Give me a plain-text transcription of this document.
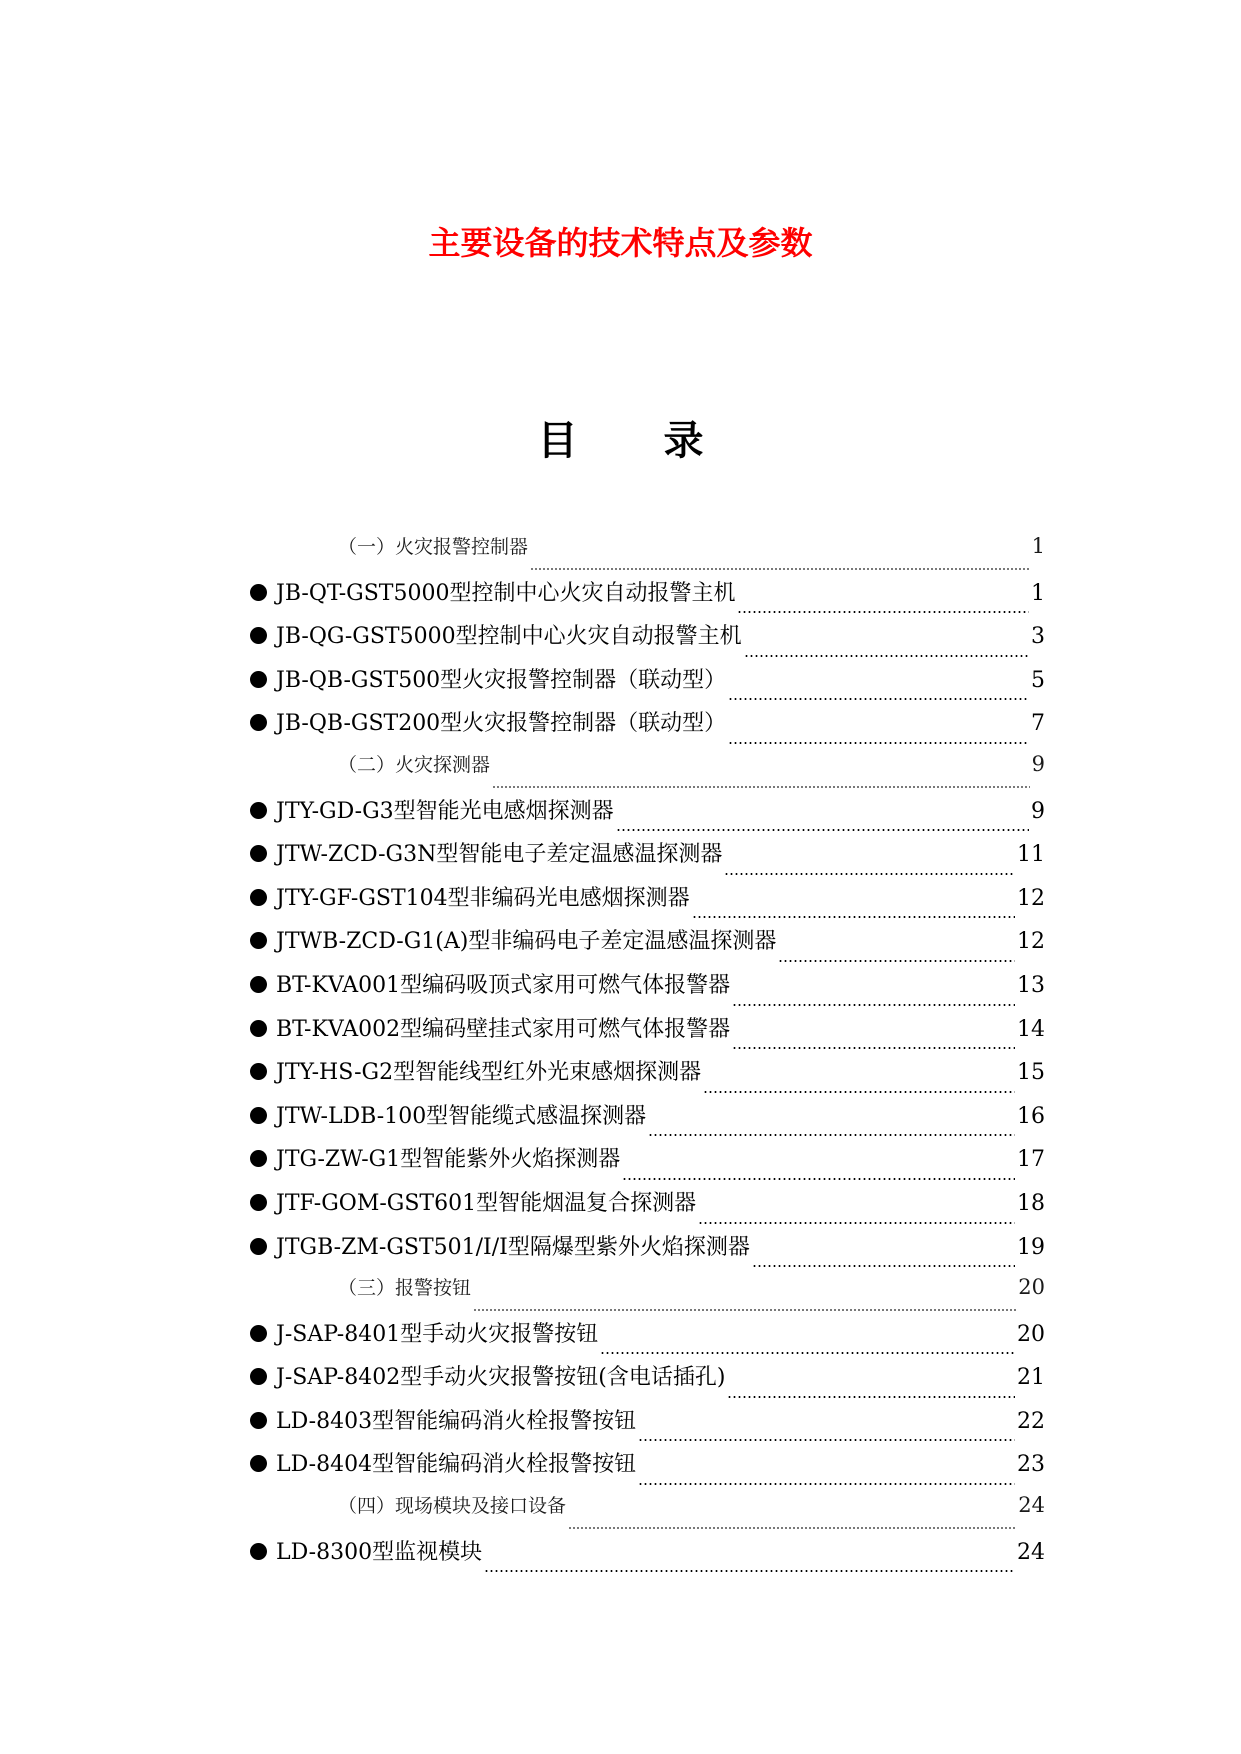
主要设备的技术特点及参数
目 录
（一）火灾报警控制器	1
JB-QT-GST5000型控制中心火灾自动报警主机	1
JB-QG-GST5000型控制中心火灾自动报警主机	3
JB-QB-GST500型火灾报警控制器（联动型）	5
JB-QB-GST200型火灾报警控制器（联动型）	7
（二）火灾探测器	9
JTY-GD-G3型智能光电感烟探测器	9
JTW-ZCD-G3N型智能电子差定温感温探测器	11
JTY-GF-GST104型非编码光电感烟探测器	12
JTWB-ZCD-G1(A)型非编码电子差定温感温探测器	12
BT-KVA001型编码吸顶式家用可燃气体报警器	13
BT-KVA002型编码壁挂式家用可燃气体报警器	14
JTY-HS-G2型智能线型红外光束感烟探测器	15
JTW-LDB-100型智能缆式感温探测器	16
JTG-ZW-G1型智能紫外火焰探测器	17
JTF-GOM-GST601型智能烟温复合探测器	18
JTGB-ZM-GST501/I/I型隔爆型紫外火焰探测器	19
（三）报警按钮	20
J-SAP-8401型手动火灾报警按钮	20
J-SAP-8402型手动火灾报警按钮(含电话插孔)	21
LD-8403型智能编码消火栓报警按钮	22
LD-8404型智能编码消火栓报警按钮	23
（四）现场模块及接口设备	24
LD-8300型监视模块	24
